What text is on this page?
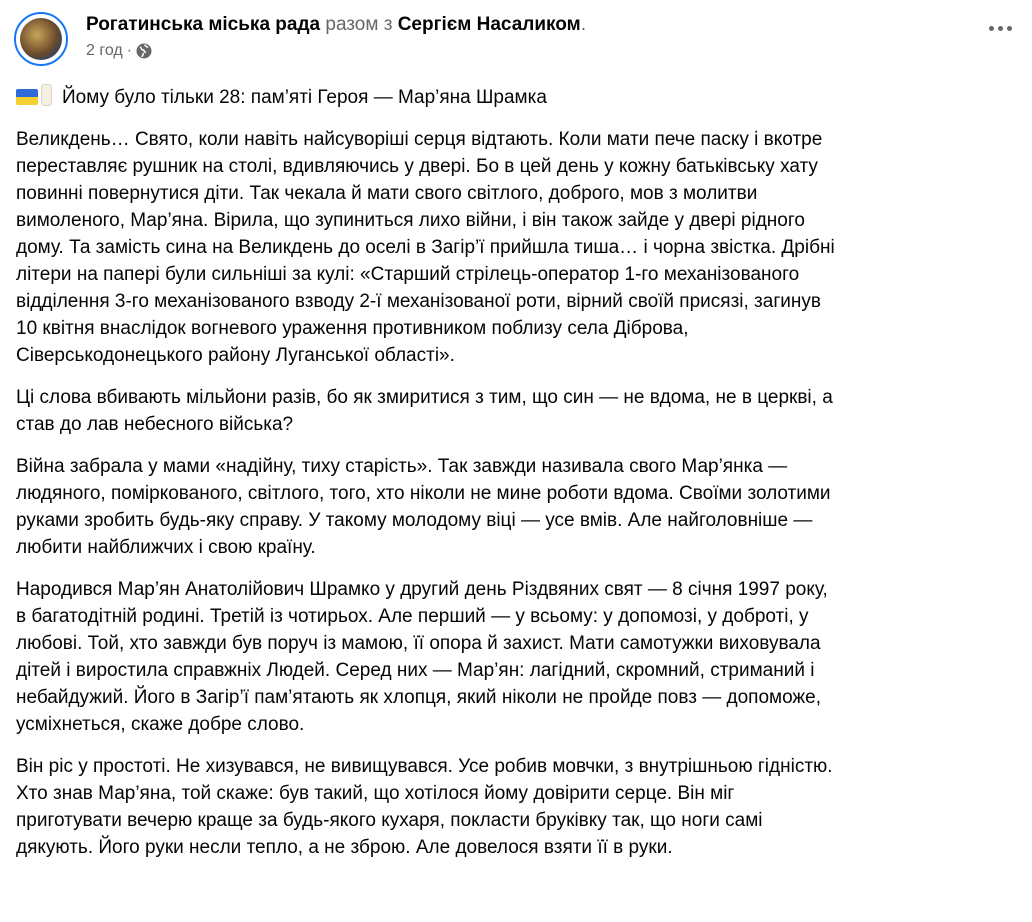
Рогатинська міська рада разом з Сергієм Насаликом.
2 год ·
Йому було тільки 28: пам’яті Героя — Мар’яна Шрамка
Великдень… Свято, коли навіть найсуворіші серця відтають. Коли мати пече паску і вкотре
переставляє рушник на столі, вдивляючись у двері. Бо в цей день у кожну батьківську хату
повинні повернутися діти. Так чекала й мати свого світлого, доброго, мов з молитви
вимоленого, Мар’яна. Вірила, що зупиниться лихо війни, і він також зайде у двері рідного
дому. Та замість сина на Великдень до оселі в Загір’ї прийшла тиша… і чорна звістка. Дрібні
літери на папері були сильніші за кулі: «Старший стрілець-оператор 1-го механізованого
відділення 3-го механізованого взводу 2-ї механізованої роти, вірний своїй присязі, загинув
10 квітня внаслідок вогневого ураження противником поблизу села Діброва,
Сіверськодонецького району Луганської області».
Ці слова вбивають мільйони разів, бо як змиритися з тим, що син — не вдома, не в церкві, а
став до лав небесного війська?
Війна забрала у мами «надійну, тиху старість». Так завжди називала свого Мар’янка —
людяного, поміркованого, світлого, того, хто ніколи не мине роботи вдома. Своїми золотими
руками зробить будь-яку справу. У такому молодому віці — усе вмів. Але найголовніше —
любити найближчих і свою країну.
Народився Мар’ян Анатолійович Шрамко у другий день Різдвяних свят — 8 січня 1997 року,
в багатодітній родині. Третій із чотирьох. Але перший — у всьому: у допомозі, у доброті, у
любові. Той, хто завжди був поруч із мамою, її опора й захист. Мати самотужки виховувала
дітей і виростила справжніх Людей. Серед них — Мар’ян: лагідний, скромний, стриманий і
небайдужий. Його в Загір’ї пам’ятають як хлопця, який ніколи не пройде повз — допоможе,
усміхнеться, скаже добре слово.
Він ріс у простоті. Не хизувався, не вивищувався. Усе робив мовчки, з внутрішньою гідністю.
Хто знав Мар’яна, той скаже: був такий, що хотілося йому довірити серце. Він міг
приготувати вечерю краще за будь-якого кухаря, покласти бруківку так, що ноги самі
дякують. Його руки несли тепло, а не зброю. Але довелося взяти її в руки.
